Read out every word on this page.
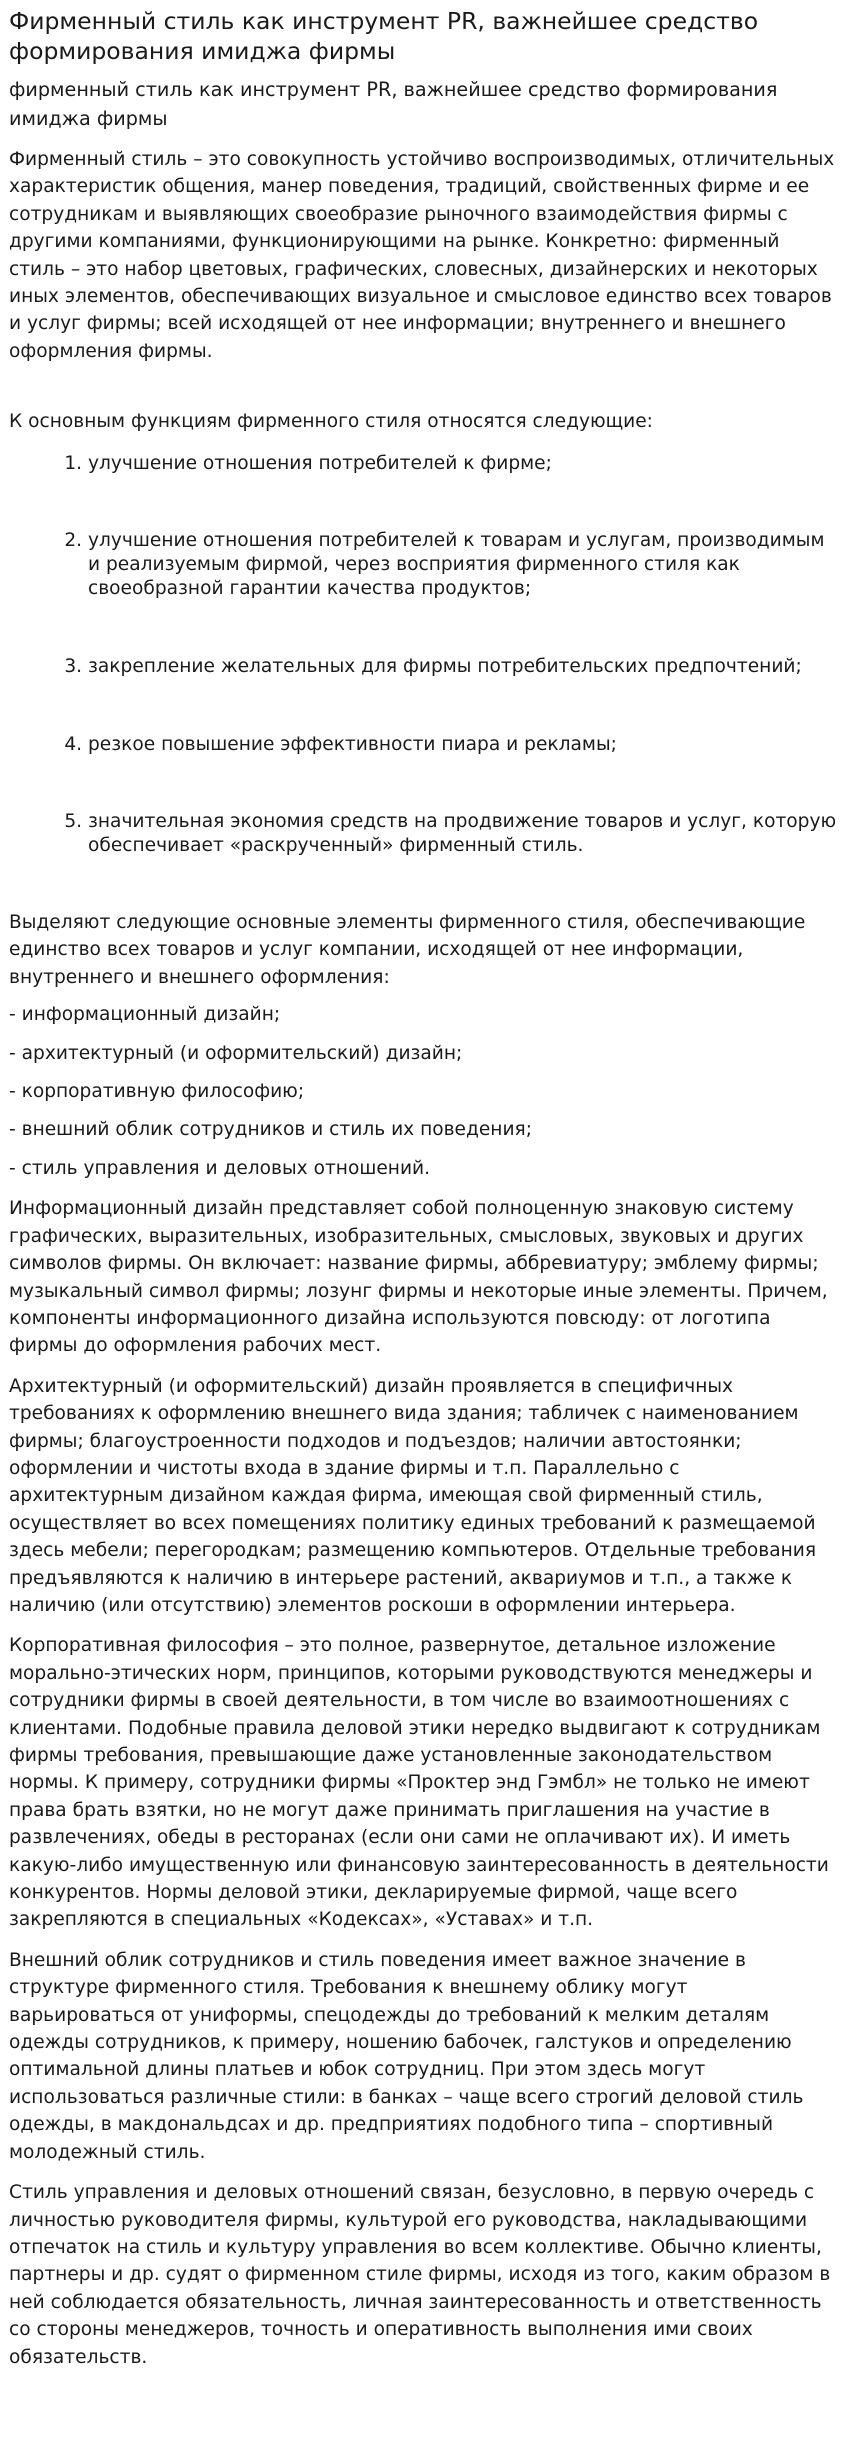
Фирменный стиль как инструмент PR, важнейшее средство формирования имиджа фирмы

фирменный стиль как инструмент PR, важнейшее средство формирования имиджа фирмы

Фирменный стиль – это совокупность устойчиво воспроизводимых, отличительных характеристик общения, манер поведения, традиций, свойственных фирме и ее сотрудникам и выявляющих своеобразие рыночного взаимодействия фирмы с другими компаниями, функционирующими на рынке. Конкретно: фирменный стиль – это набор цветовых, графических, словесных, дизайнерских и некоторых иных элементов, обеспечивающих визуальное и смысловое единство всех товаров и услуг фирмы; всей исходящей от нее информации; внутреннего и внешнего оформления фирмы.

К основным функциям фирменного стиля относятся следующие:

1. улучшение отношения потребителей к фирме;
2. улучшение отношения потребителей к товарам и услугам, производимым и реализуемым фирмой, через восприятия фирменного стиля как своеобразной гарантии качества продуктов;
3. закрепление желательных для фирмы потребительских предпочтений;
4. резкое повышение эффективности пиара и рекламы;
5. значительная экономия средств на продвижение товаров и услуг, которую обеспечивает «раскрученный» фирменный стиль.

Выделяют следующие основные элементы фирменного стиля, обеспечивающие единство всех товаров и услуг компании, исходящей от нее информации, внутреннего и внешнего оформления:

- информационный дизайн;

- архитектурный (и оформительский) дизайн;

- корпоративную философию;

- внешний облик сотрудников и стиль их поведения;

- стиль управления и деловых отношений.

Информационный дизайн представляет собой полноценную знаковую систему графических, выразительных, изобразительных, смысловых, звуковых и других символов фирмы. Он включает: название фирмы, аббревиатуру; эмблему фирмы; музыкальный символ фирмы; лозунг фирмы и некоторые иные элементы. Причем, компоненты информационного дизайна используются повсюду: от логотипа фирмы до оформления рабочих мест.

Архитектурный (и оформительский) дизайн проявляется в специфичных требованиях к оформлению внешнего вида здания; табличек с наименованием фирмы; благоустроенности подходов и подъездов; наличии автостоянки; оформлении и чистоты входа в здание фирмы и т.п. Параллельно с архитектурным дизайном каждая фирма, имеющая свой фирменный стиль, осуществляет во всех помещениях политику единых требований к размещаемой здесь мебели; перегородкам; размещению компьютеров. Отдельные требования предъявляются к наличию в интерьере растений, аквариумов и т.п., а также к наличию (или отсутствию) элементов роскоши в оформлении интерьера.

Корпоративная философия – это полное, развернутое, детальное изложение морально-этических норм, принципов, которыми руководствуются менеджеры и сотрудники фирмы в своей деятельности, в том числе во взаимоотношениях с клиентами. Подобные правила деловой этики нередко выдвигают к сотрудникам фирмы требования, превышающие даже установленные законодательством нормы. К примеру, сотрудники фирмы «Проктер энд Гэмбл» не только не имеют права брать взятки, но не могут даже принимать приглашения на участие в развлечениях, обеды в ресторанах (если они сами не оплачивают их). И иметь какую-либо имущественную или финансовую заинтересованность в деятельности конкурентов. Нормы деловой этики, декларируемые фирмой, чаще всего закрепляются в специальных «Кодексах», «Уставах» и т.п.

Внешний облик сотрудников и стиль поведения имеет важное значение в структуре фирменного стиля. Требования к внешнему облику могут варьироваться от униформы, спецодежды до требований к мелким деталям одежды сотрудников, к примеру, ношению бабочек, галстуков и определению оптимальной длины платьев и юбок сотрудниц. При этом здесь могут использоваться различные стили: в банках – чаще всего строгий деловой стиль одежды, в макдональдсах и др. предприятиях подобного типа – спортивный молодежный стиль.

Стиль управления и деловых отношений связан, безусловно, в первую очередь с личностью руководителя фирмы, культурой его руководства, накладывающими отпечаток на стиль и культуру управления во всем коллективе. Обычно клиенты, партнеры и др. судят о фирменном стиле фирмы, исходя из того, каким образом в ней соблюдается обязательность, личная заинтересованность и ответственность со стороны менеджеров, точность и оперативность выполнения ими своих обязательств.
